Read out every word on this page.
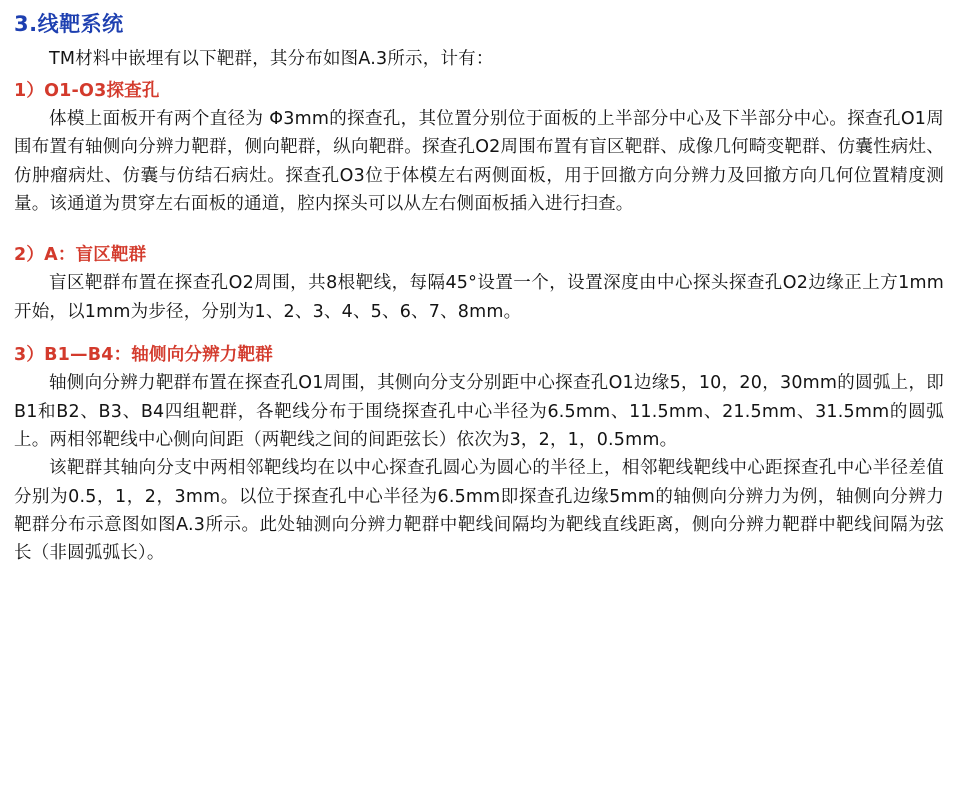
3.线靶系统

TM材料中嵌埋有以下靶群，其分布如图A.3所示，计有：

1）O1-O3探查孔

体模上面板开有两个直径为 Φ3mm的探查孔，其位置分别位于面板的上半部分中心及下半部分中心。探查孔O1周围布置有轴侧向分辨力靶群，侧向靶群，纵向靶群。探查孔O2周围布置有盲区靶群、成像几何畸变靶群、仿囊性病灶、仿肿瘤病灶、仿囊与仿结石病灶。探查孔O3位于体模左右两侧面板，用于回撤方向分辨力及回撤方向几何位置精度测量。该通道为贯穿左右面板的通道，腔内探头可以从左右侧面板插入进行扫查。

2）A：盲区靶群

盲区靶群布置在探查孔O2周围，共8根靶线，每隔45°设置一个，设置深度由中心探头探查孔O2边缘正上方1mm开始，以1mm为步径，分别为1、2、3、4、5、6、7、8mm。

3）B1—B4：轴侧向分辨力靶群

轴侧向分辨力靶群布置在探查孔O1周围，其侧向分支分别距中心探查孔O1边缘5，10，20，30mm的圆弧上，即B1和B2、B3、B4四组靶群，各靶线分布于围绕探查孔中心半径为6.5mm、11.5mm、21.5mm、31.5mm的圆弧上。两相邻靶线中心侧向间距（两靶线之间的间距弦长）依次为3，2，1，0.5mm。

该靶群其轴向分支中两相邻靶线均在以中心探查孔圆心为圆心的半径上，相邻靶线靶线中心距探查孔中心半径差值分别为0.5，1，2，3mm。以位于探查孔中心半径为6.5mm即探查孔边缘5mm的轴侧向分辨力为例，轴侧向分辨力靶群分布示意图如图A.3所示。此处轴测向分辨力靶群中靶线间隔均为靶线直线距离，侧向分辨力靶群中靶线间隔为弦长（非圆弧弧长）。
